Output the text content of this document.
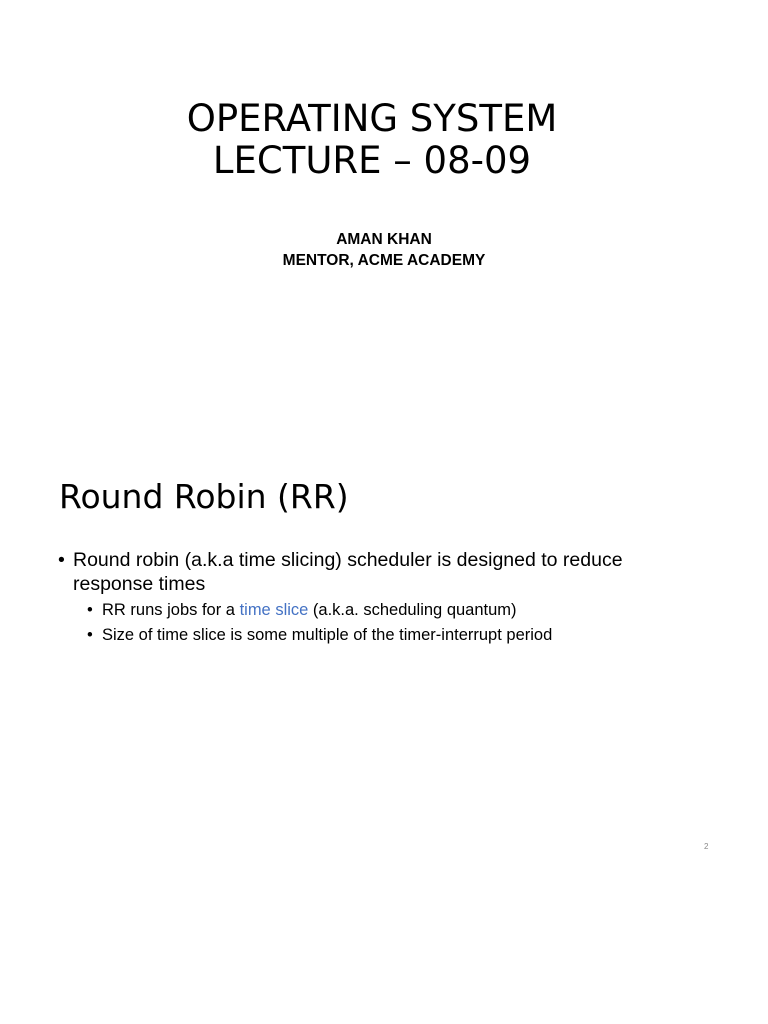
OPERATING SYSTEM
LECTURE – 08-09
AMAN KHAN
MENTOR, ACME ACADEMY
Round Robin (RR)
• Round robin (a.k.a time slicing) scheduler is designed to reduce response times
• RR runs jobs for a time slice (a.k.a. scheduling quantum)
• Size of time slice is some multiple of the timer-interrupt period
2
